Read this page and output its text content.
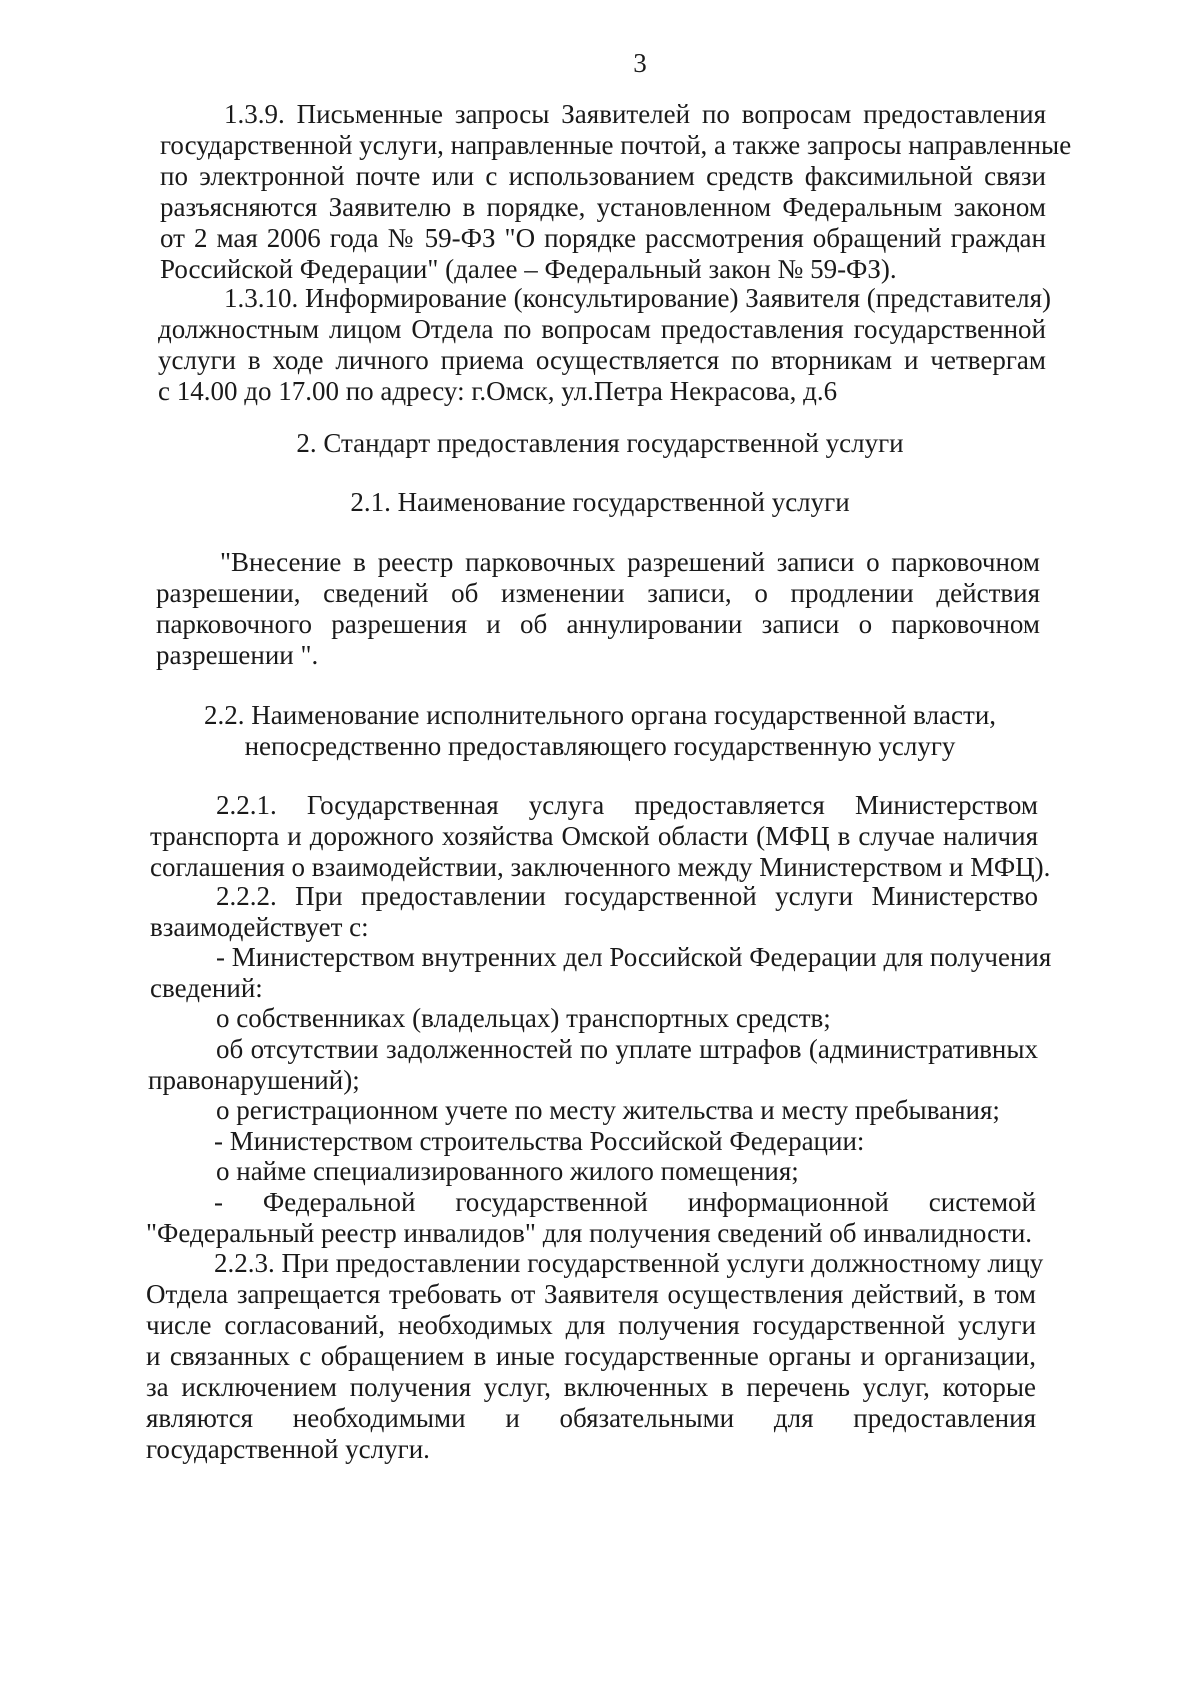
3
1.3.9. Письменные запросы Заявителей по вопросам предоставления
государственной услуги, направленные почтой, а также запросы направленные
по электронной почте или с использованием средств факсимильной связи
разъясняются Заявителю в порядке, установленном Федеральным законом
от 2 мая 2006 года № 59-ФЗ "О порядке рассмотрения обращений граждан
Российской Федерации" (далее – Федеральный закон № 59-ФЗ).
1.3.10. Информирование (консультирование) Заявителя (представителя)
должностным лицом Отдела по вопросам предоставления государственной
услуги в ходе личного приема осуществляется по вторникам и четвергам
с 14.00 до 17.00 по адресу: г.Омск, ул.Петра Некрасова, д.6
2. Стандарт предоставления государственной услуги
2.1. Наименование государственной услуги
"Внесение в реестр парковочных разрешений записи о парковочном
разрешении, сведений об изменении записи, о продлении действия
парковочного разрешения и об аннулировании записи о парковочном
разрешении ".
2.2. Наименование исполнительного органа государственной власти,
непосредственно предоставляющего государственную услугу
2.2.1. Государственная услуга предоставляется Министерством
транспорта и дорожного хозяйства Омской области (МФЦ в случае наличия
соглашения о взаимодействии, заключенного между Министерством и МФЦ).
2.2.2. При предоставлении государственной услуги Министерство
взаимодействует с:
- Министерством внутренних дел Российской Федерации для получения
сведений:
о собственниках (владельцах) транспортных средств;
об отсутствии задолженностей по уплате штрафов (административных
правонарушений);
о регистрационном учете по месту жительства и месту пребывания;
- Министерством строительства Российской Федерации:
о найме специализированного жилого помещения;
- Федеральной государственной информационной системой
"Федеральный реестр инвалидов" для получения сведений об инвалидности.
2.2.3. При предоставлении государственной услуги должностному лицу
Отдела запрещается требовать от Заявителя осуществления действий, в том
числе согласований, необходимых для получения государственной услуги
и связанных с обращением в иные государственные органы и организации,
за исключением получения услуг, включенных в перечень услуг, которые
являются необходимыми и обязательными для предоставления
государственной услуги.
